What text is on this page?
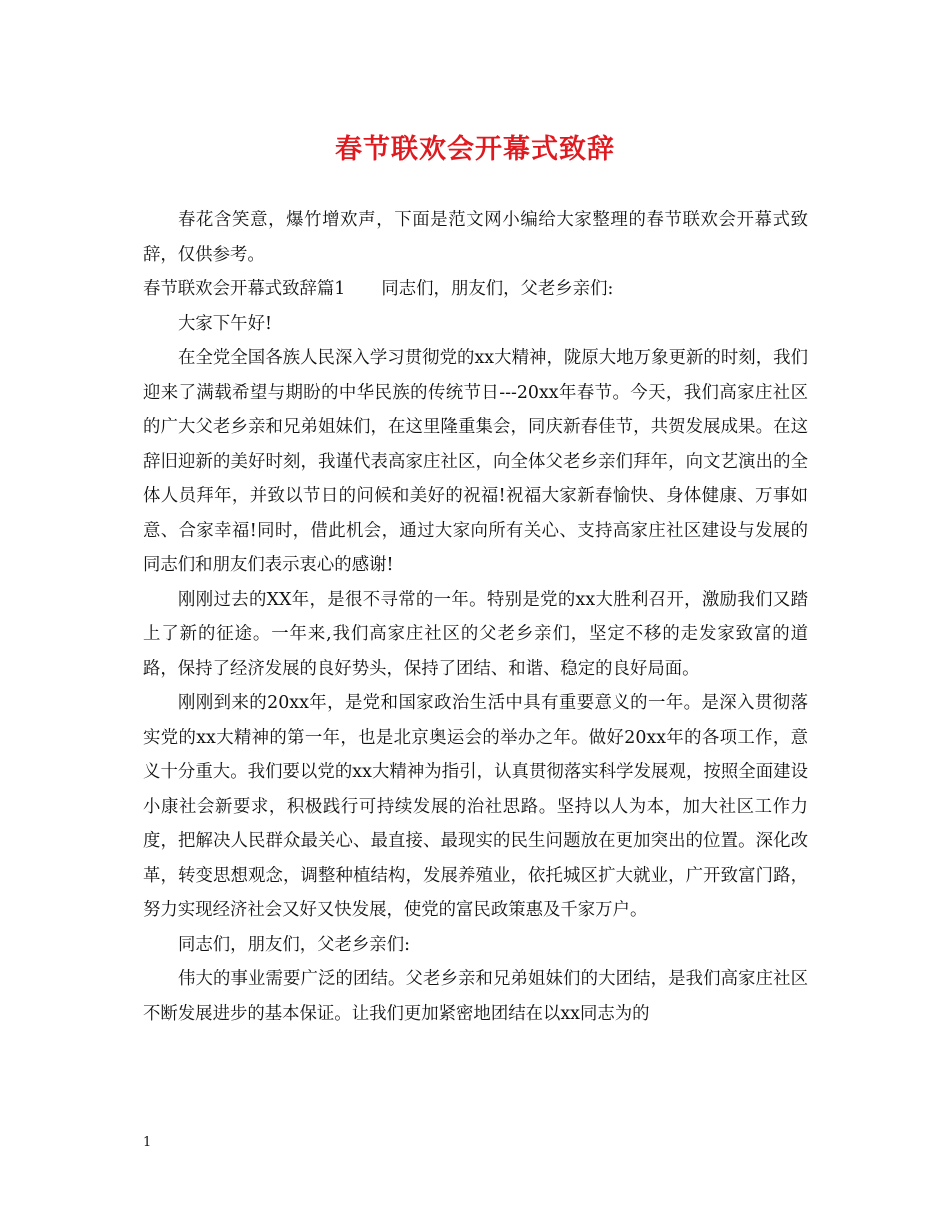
春节联欢会开幕式致辞

春花含笑意，爆竹增欢声，下面是范文网小编给大家整理的春节联欢会开幕式致辞，仅供参考。

春节联欢会开幕式致辞篇1 同志们，朋友们，父老乡亲们:

大家下午好!

在全党全国各族人民深入学习贯彻党的xx大精神，陇原大地万象更新的时刻，我们迎来了满载希望与期盼的中华民族的传统节日---20xx年春节。今天，我们高家庄社区的广大父老乡亲和兄弟姐妹们，在这里隆重集会，同庆新春佳节，共贺发展成果。在这辞旧迎新的美好时刻，我谨代表高家庄社区，向全体父老乡亲们拜年，向文艺演出的全体人员拜年，并致以节日的问候和美好的祝福!祝福大家新春愉快、身体健康、万事如意、合家幸福!同时，借此机会，通过大家向所有关心、支持高家庄社区建设与发展的同志们和朋友们表示衷心的感谢!

刚刚过去的XX年，是很不寻常的一年。特别是党的xx大胜利召开，激励我们又踏上了新的征途。一年来,我们高家庄社区的父老乡亲们，坚定不移的走发家致富的道路，保持了经济发展的良好势头，保持了团结、和谐、稳定的良好局面。

刚刚到来的20xx年，是党和国家政治生活中具有重要意义的一年。是深入贯彻落实党的xx大精神的第一年，也是北京奥运会的举办之年。做好20xx年的各项工作，意义十分重大。我们要以党的xx大精神为指引，认真贯彻落实科学发展观，按照全面建设小康社会新要求，积极践行可持续发展的治社思路。坚持以人为本，加大社区工作力度，把解决人民群众最关心、最直接、最现实的民生问题放在更加突出的位置。深化改革，转变思想观念，调整种植结构，发展养殖业，依托城区扩大就业，广开致富门路，努力实现经济社会又好又快发展，使党的富民政策惠及千家万户。

同志们，朋友们，父老乡亲们:

伟大的事业需要广泛的团结。父老乡亲和兄弟姐妹们的大团结，是我们高家庄社区不断发展进步的基本保证。让我们更加紧密地团结在以xx同志为的

1
